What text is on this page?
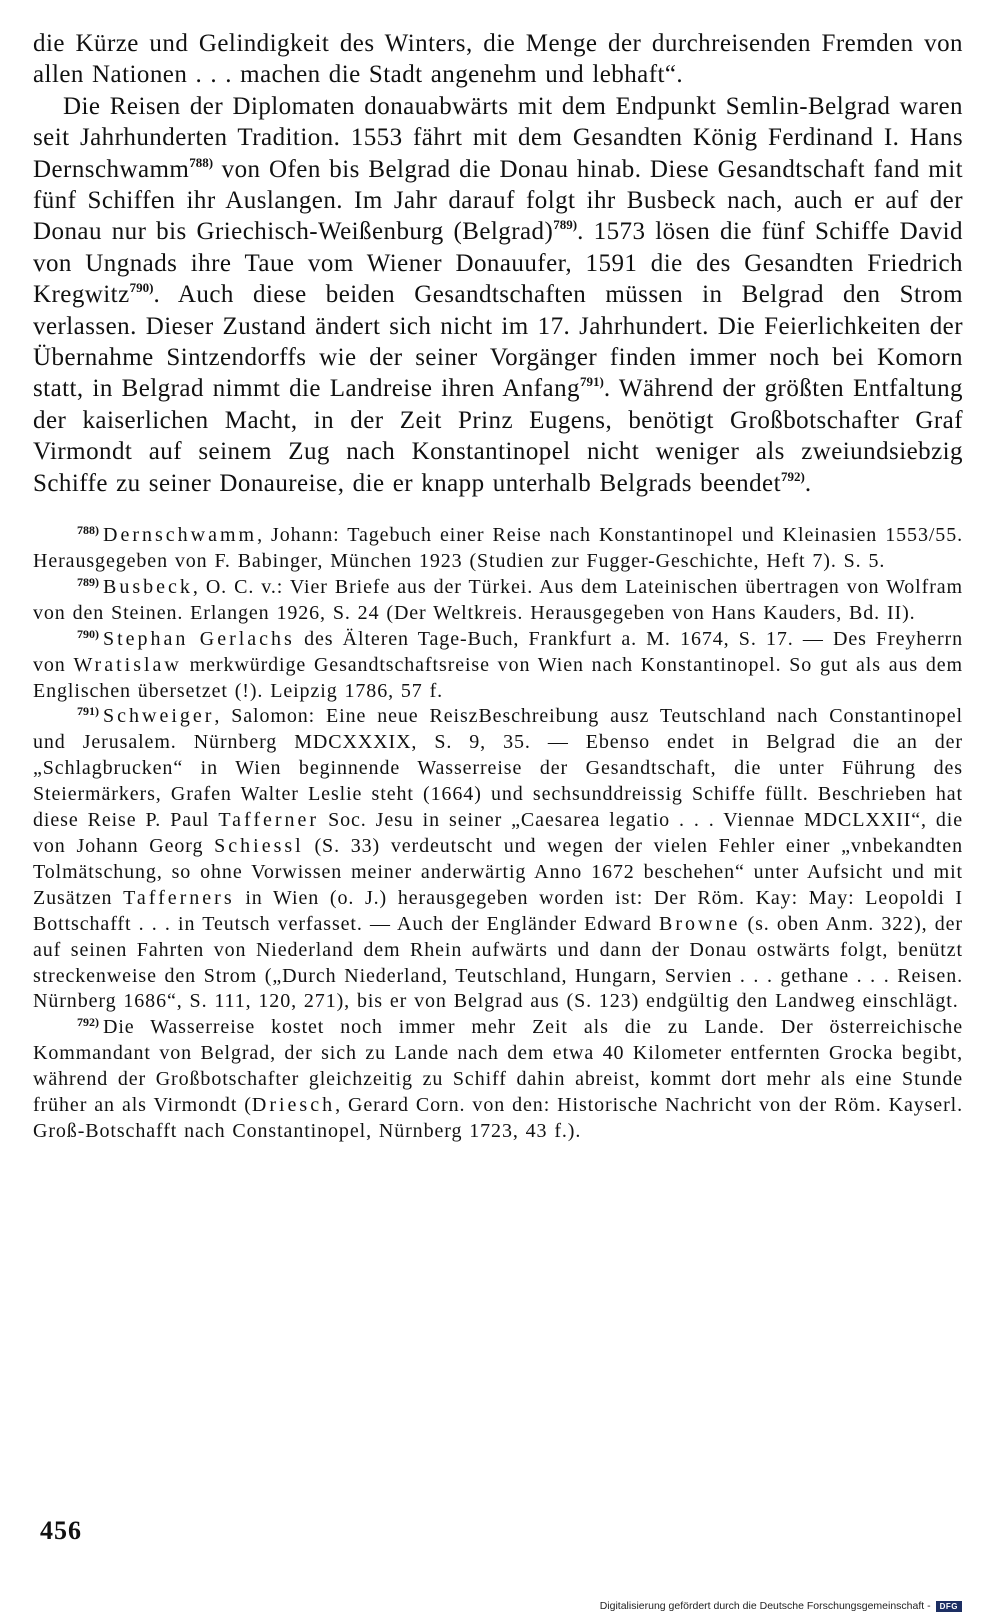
die Kürze und Gelindigkeit des Winters, die Menge der durchreisenden Fremden von allen Nationen . . . machen die Stadt angenehm und lebhaft“.

Die Reisen der Diplomaten donauabwärts mit dem Endpunkt Semlin-Belgrad waren seit Jahrhunderten Tradition. 1553 fährt mit dem Gesandten König Ferdinand I. Hans Dernschwamm$^{788)}$ von Ofen bis Belgrad die Donau hinab. Diese Gesandtschaft fand mit fünf Schiffen ihr Auslangen. Im Jahr darauf folgt ihr Busbeck nach, auch er auf der Donau nur bis Griechisch-Weißenburg (Belgrad)$^{789)}$. 1573 lösen die fünf Schiffe David von Ungnads ihre Taue vom Wiener Donauufer, 1591 die des Gesandten Friedrich Kregwitz$^{790)}$. Auch diese beiden Gesandtschaften müssen in Belgrad den Strom verlassen. Dieser Zustand ändert sich nicht im 17. Jahrhundert. Die Feierlichkeiten der Übernahme Sintzendorffs wie der seiner Vorgänger finden immer noch bei Komorn statt, in Belgrad nimmt die Landreise ihren Anfang$^{791)}$. Während der größten Entfaltung der kaiserlichen Macht, in der Zeit Prinz Eugens, benötigt Großbotschafter Graf Virmondt auf seinem Zug nach Konstantinopel nicht weniger als zweiundsiebzig Schiffe zu seiner Donaureise, die er knapp unterhalb Belgrads beendet$^{792)}$.

$^{788)}$ Dernschwamm, Johann: Tagebuch einer Reise nach Konstantinopel und Kleinasien 1553/55. Herausgegeben von F. Babinger, München 1923 (Studien zur Fugger-Geschichte, Heft 7). S. 5.

$^{789)}$ Busbeck, O. C. v.: Vier Briefe aus der Türkei. Aus dem Lateinischen übertragen von Wolfram von den Steinen. Erlangen 1926, S. 24 (Der Weltkreis. Herausgegeben von Hans Kauders, Bd. II).

$^{790)}$ Stephan Gerlachs des Älteren Tage-Buch, Frankfurt a. M. 1674, S. 17. — Des Freyherrn von Wratislaw merkwürdige Gesandtschaftsreise von Wien nach Konstantinopel. So gut als aus dem Englischen übersetzet (!). Leipzig 1786, 57 f.

$^{791)}$ Schweiger, Salomon: Eine neue ReiszBeschreibung ausz Teutschland nach Constantinopel und Jerusalem. Nürnberg MDCXXXIX, S. 9, 35. — Ebenso endet in Belgrad die an der „Schlagbrucken“ in Wien beginnende Wasserreise der Gesandtschaft, die unter Führung des Steiermärkers, Grafen Walter Leslie steht (1664) und sechsunddreissig Schiffe füllt. Beschrieben hat diese Reise P. Paul Tafferner Soc. Jesu in seiner „Caesarea legatio . . . Viennae MDCLXXII“, die von Johann Georg Schiessl (S. 33) verdeutscht und wegen der vielen Fehler einer „vnbekandten Tolmätschung, so ohne Vorwissen meiner anderwärtig Anno 1672 beschehen“ unter Aufsicht und mit Zusätzen Tafferners in Wien (o. J.) herausgegeben worden ist: Der Röm. Kay: May: Leopoldi I Bottschafft . . . in Teutsch verfasset. — Auch der Engländer Edward Browne (s. oben Anm. 322), der auf seinen Fahrten von Niederland dem Rhein aufwärts und dann der Donau ostwärts folgt, benützt streckenweise den Strom („Durch Niederland, Teutschland, Hungarn, Servien . . . gethane . . . Reisen. Nürnberg 1686“, S. 111, 120, 271), bis er von Belgrad aus (S. 123) endgültig den Landweg einschlägt.

$^{792)}$ Die Wasserreise kostet noch immer mehr Zeit als die zu Lande. Der österreichische Kommandant von Belgrad, der sich zu Lande nach dem etwa 40 Kilometer entfernten Grocka begibt, während der Großbotschafter gleichzeitig zu Schiff dahin abreist, kommt dort mehr als eine Stunde früher an als Virmondt (Driesch, Gerard Corn. von den: Historische Nachricht von der Röm. Kayserl. Groß-Botschafft nach Constantinopel, Nürnberg 1723, 43 f.).

456
Digitalisierung gefördert durch die Deutsche Forschungsgemeinschaft -	DFG
